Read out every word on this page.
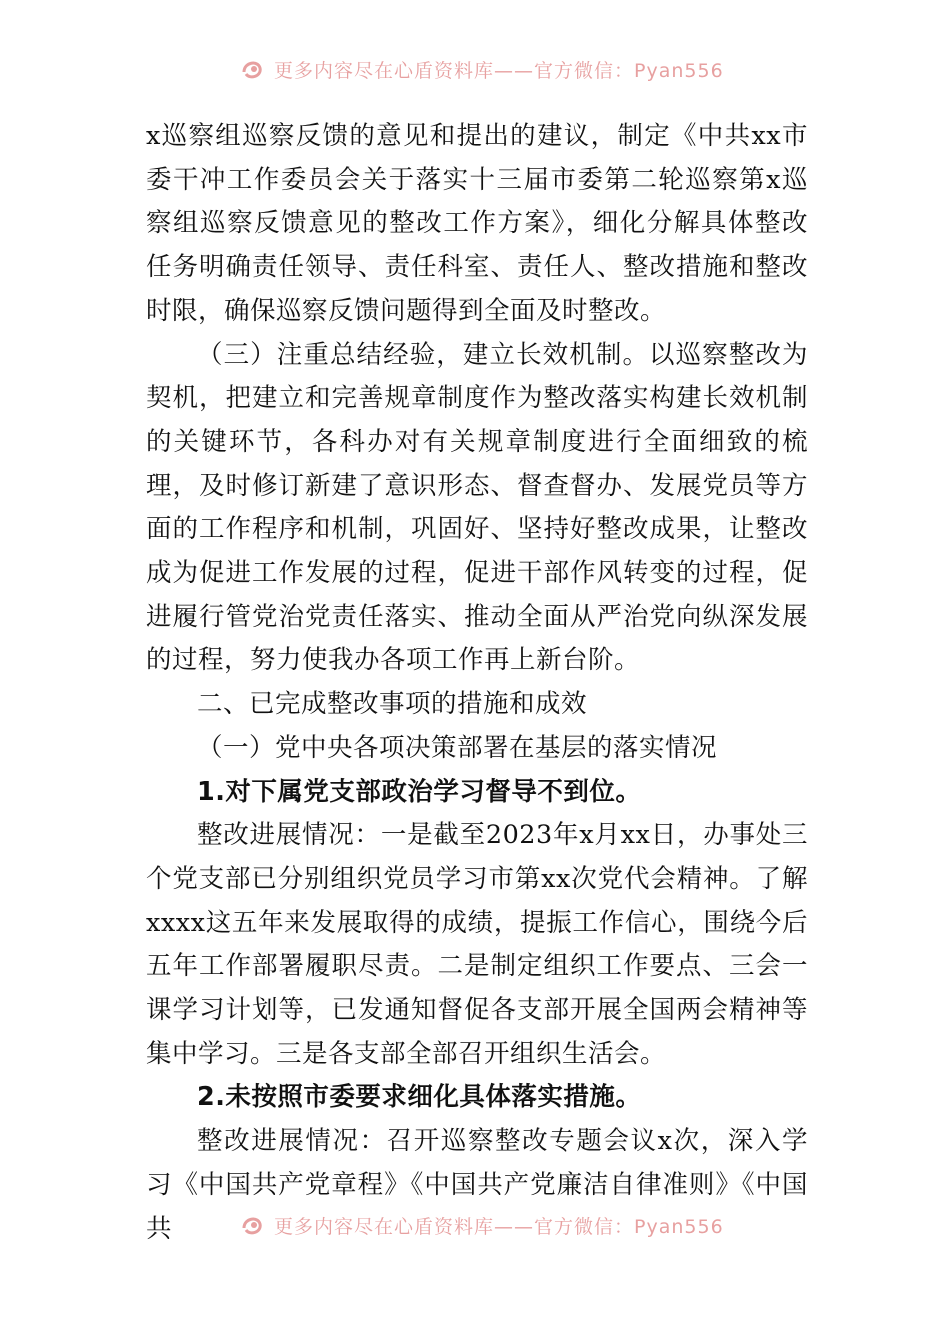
更多内容尽在心盾资料库——官方微信：Pyan556

x巡察组巡察反馈的意见和提出的建议，制定《中共xx市委干冲工作委员会关于落实十三届市委第二轮巡察第x巡察组巡察反馈意见的整改工作方案》，细化分解具体整改任务明确责任领导、责任科室、责任人、整改措施和整改时限，确保巡察反馈问题得到全面及时整改。

（三）注重总结经验，建立长效机制。以巡察整改为契机，把建立和完善规章制度作为整改落实构建长效机制的关键环节，各科办对有关规章制度进行全面细致的梳理，及时修订新建了意识形态、督查督办、发展党员等方面的工作程序和机制，巩固好、坚持好整改成果，让整改成为促进工作发展的过程，促进干部作风转变的过程，促进履行管党治党责任落实、推动全面从严治党向纵深发展的过程，努力使我办各项工作再上新台阶。

二、已完成整改事项的措施和成效

（一）党中央各项决策部署在基层的落实情况

1.对下属党支部政治学习督导不到位。

整改进展情况：一是截至2023年x月xx日，办事处三个党支部已分别组织党员学习市第xx次党代会精神。了解xxxx这五年来发展取得的成绩，提振工作信心，围绕今后五年工作部署履职尽责。二是制定组织工作要点、三会一课学习计划等，已发通知督促各支部开展全国两会精神等集中学习。三是各支部全部召开组织生活会。

2.未按照市委要求细化具体落实措施。

整改进展情况：召开巡察整改专题会议x次，深入学习《中国共产党章程》《中国共产党廉洁自律准则》《中国共	更多内容尽在心盾资料库——官方微信：Pyan556
